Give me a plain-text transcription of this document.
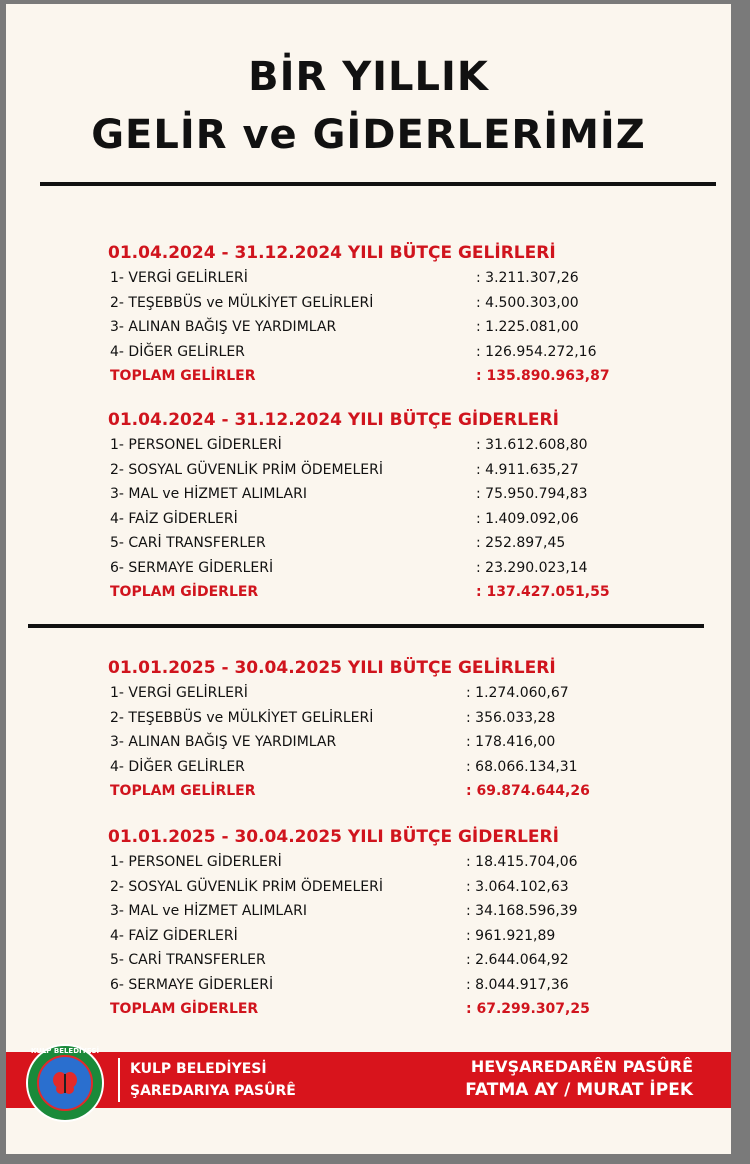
BİR YILLIK
GELİR ve GİDERLERİMİZ
01.04.2024 - 31.12.2024 YILI BÜTÇE GELİRLERİ
1- VERGİ GELİRLERİ	: 3.211.307,26
2- TEŞEBBÜS ve MÜLKİYET GELİRLERİ	: 4.500.303,00
3- ALINAN BAĞIŞ VE YARDIMLAR	: 1.225.081,00
4- DİĞER GELİRLER	: 126.954.272,16
TOPLAM GELİRLER	: 135.890.963,87
01.04.2024 - 31.12.2024 YILI BÜTÇE GİDERLERİ
1- PERSONEL GİDERLERİ	: 31.612.608,80
2- SOSYAL GÜVENLİK PRİM ÖDEMELERİ	: 4.911.635,27
3- MAL ve HİZMET ALIMLARI	: 75.950.794,83
4- FAİZ GİDERLERİ	: 1.409.092,06
5- CARİ TRANSFERLER	: 252.897,45
6- SERMAYE GİDERLERİ	: 23.290.023,14
TOPLAM GİDERLER	: 137.427.051,55
01.01.2025 - 30.04.2025 YILI BÜTÇE GELİRLERİ
1- VERGİ GELİRLERİ	: 1.274.060,67
2- TEŞEBBÜS ve MÜLKİYET GELİRLERİ	: 356.033,28
3- ALINAN BAĞIŞ VE YARDIMLAR	: 178.416,00
4- DİĞER GELİRLER	: 68.066.134,31
TOPLAM GELİRLER	: 69.874.644,26
01.01.2025 - 30.04.2025 YILI BÜTÇE GİDERLERİ
1- PERSONEL GİDERLERİ	: 18.415.704,06
2- SOSYAL GÜVENLİK PRİM ÖDEMELERİ	: 3.064.102,63
3- MAL ve HİZMET ALIMLARI	: 34.168.596,39
4- FAİZ GİDERLERİ	: 961.921,89
5- CARİ TRANSFERLER	: 2.644.064,92
6- SERMAYE GİDERLERİ	: 8.044.917,36
TOPLAM GİDERLER	: 67.299.307,25
KULP BELEDİYESİ
KULP BELEDİYESİ
ŞAREDARIYA PASÛRÊ
HEVŞAREDARÊN PASÛRÊ
FATMA AY / MURAT İPEK
